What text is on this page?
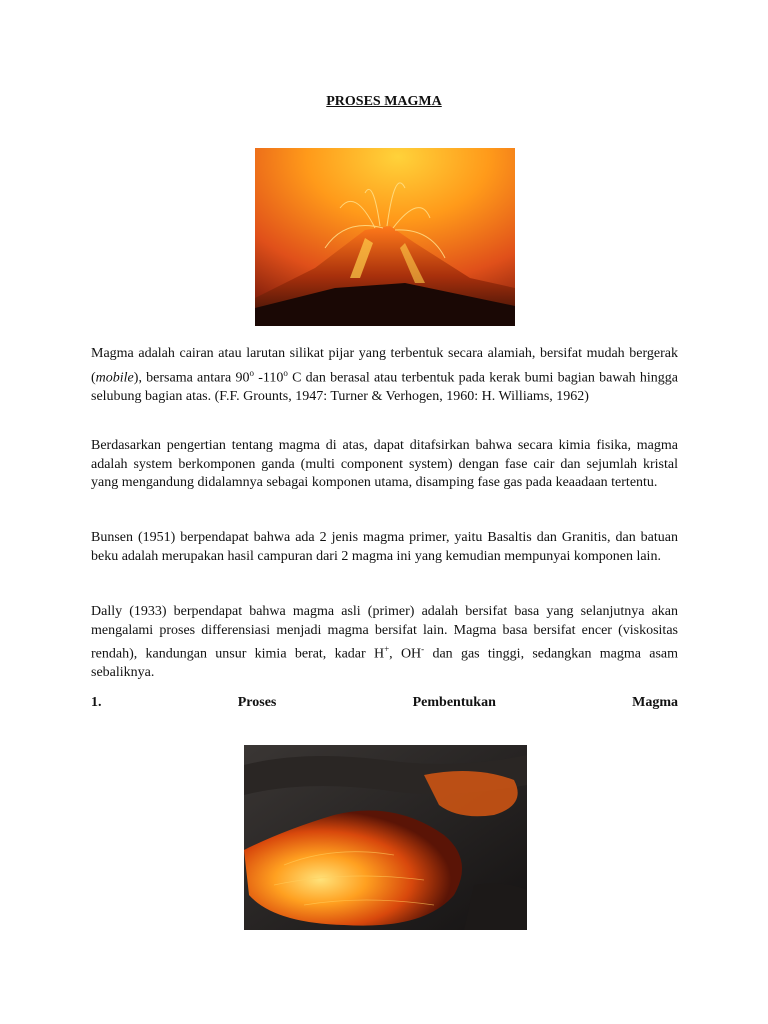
PROSES MAGMA

Magma adalah cairan atau larutan silikat pijar yang terbentuk secara alamiah, bersifat mudah bergerak (mobile), bersama antara 90$^o$ -110$^o$ C dan berasal atau terbentuk pada kerak bumi bagian bawah hingga selubung bagian atas. (F.F. Grounts, 1947: Turner & Verhogen, 1960: H. Williams, 1962)

Berdasarkan pengertian tentang magma di atas, dapat ditafsirkan bahwa secara kimia fisika, magma adalah system berkomponen ganda (multi component system) dengan fase cair dan sejumlah kristal yang mengandung didalamnya sebagai komponen utama, disamping fase gas pada keaadaan tertentu.

Bunsen (1951) berpendapat bahwa ada 2 jenis magma primer, yaitu Basaltis dan Granitis, dan batuan beku adalah merupakan hasil campuran dari 2 magma ini yang kemudian mempunyai komponen lain.

Dally (1933) berpendapat bahwa magma asli (primer) adalah bersifat basa yang selanjutnya akan mengalami proses differensiasi menjadi magma bersifat lain. Magma basa bersifat encer (viskositas rendah), kandungan unsur kimia berat, kadar H+, OH- dan gas tinggi, sedangkan magma asam sebaliknya.

1.	Proses	Pembentukan	Magma
